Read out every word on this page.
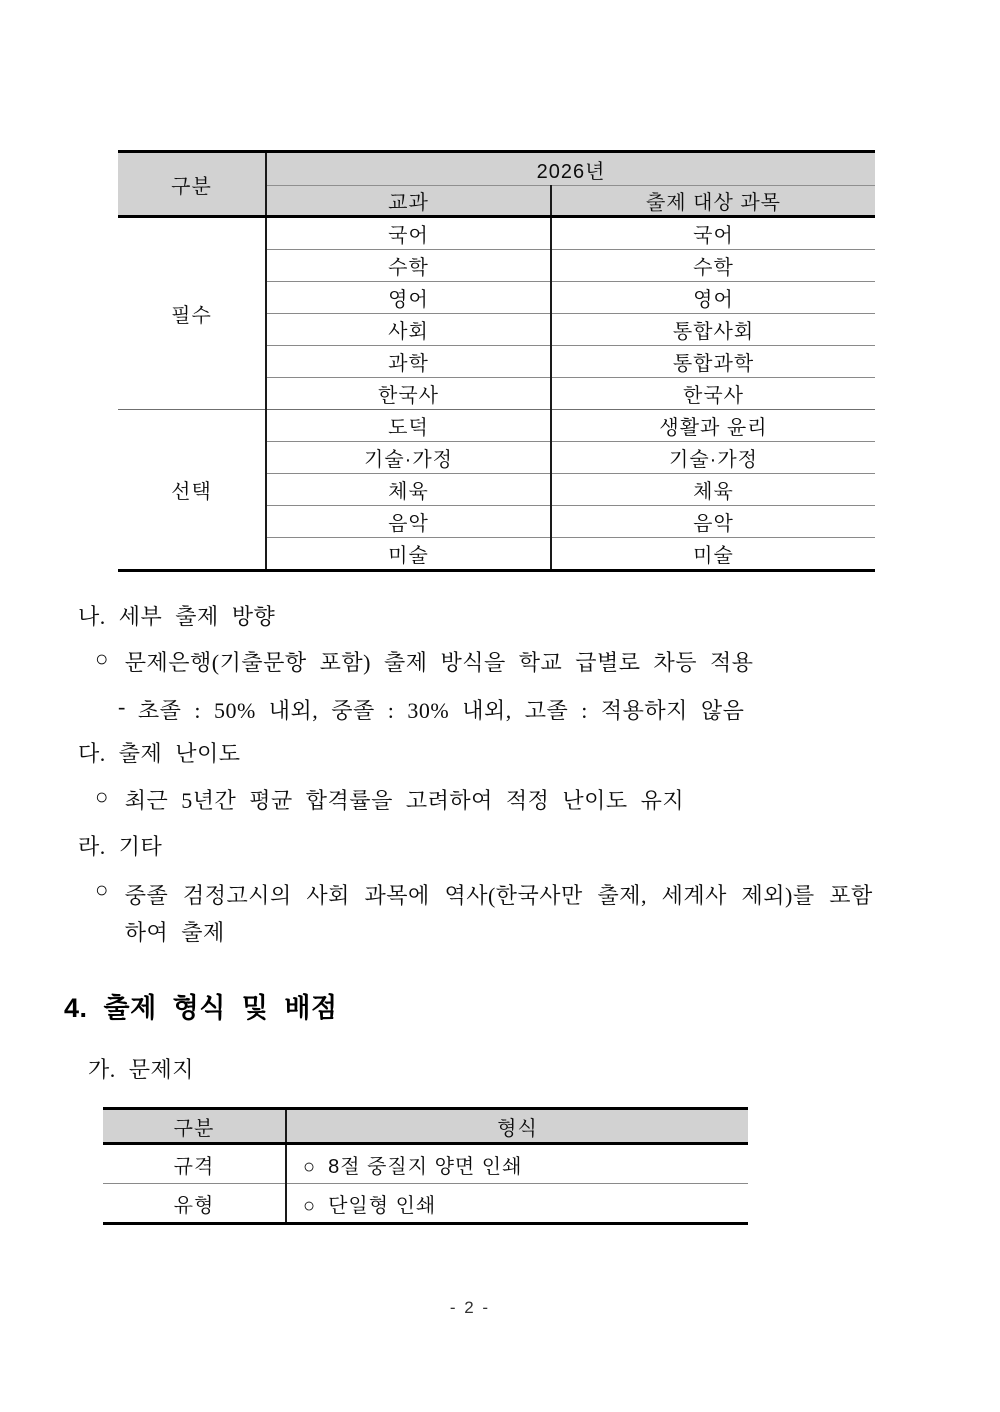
구분	2026년	
	교과	출제 대상 과목
필수	국어	국어
	수학	수학
	영어	영어
	사회	통합사회
	과학	통합과학
	한국사	한국사
선택	도덕	생활과 윤리
	기술·가정	기술·가정
	체육	체육
	음악	음악
	미술	미술
나. 세부 출제 방향
○ 문제은행(기출문항 포함) 출제 방식을 학교 급별로 차등 적용
- 초졸 : 50% 내외, 중졸 : 30% 내외, 고졸 : 적용하지 않음
다. 출제 난이도
○ 최근 5년간 평균 합격률을 고려하여 적정 난이도 유지
라. 기타
○ 중졸 검정고시의 사회 과목에 역사(한국사만 출제, 세계사 제외)를 포함하여 출제
4. 출제 형식 및 배점
가. 문제지
구분	형식
규격	○ 8절 중질지 양면 인쇄
유형	○ 단일형 인쇄
- 2 -
